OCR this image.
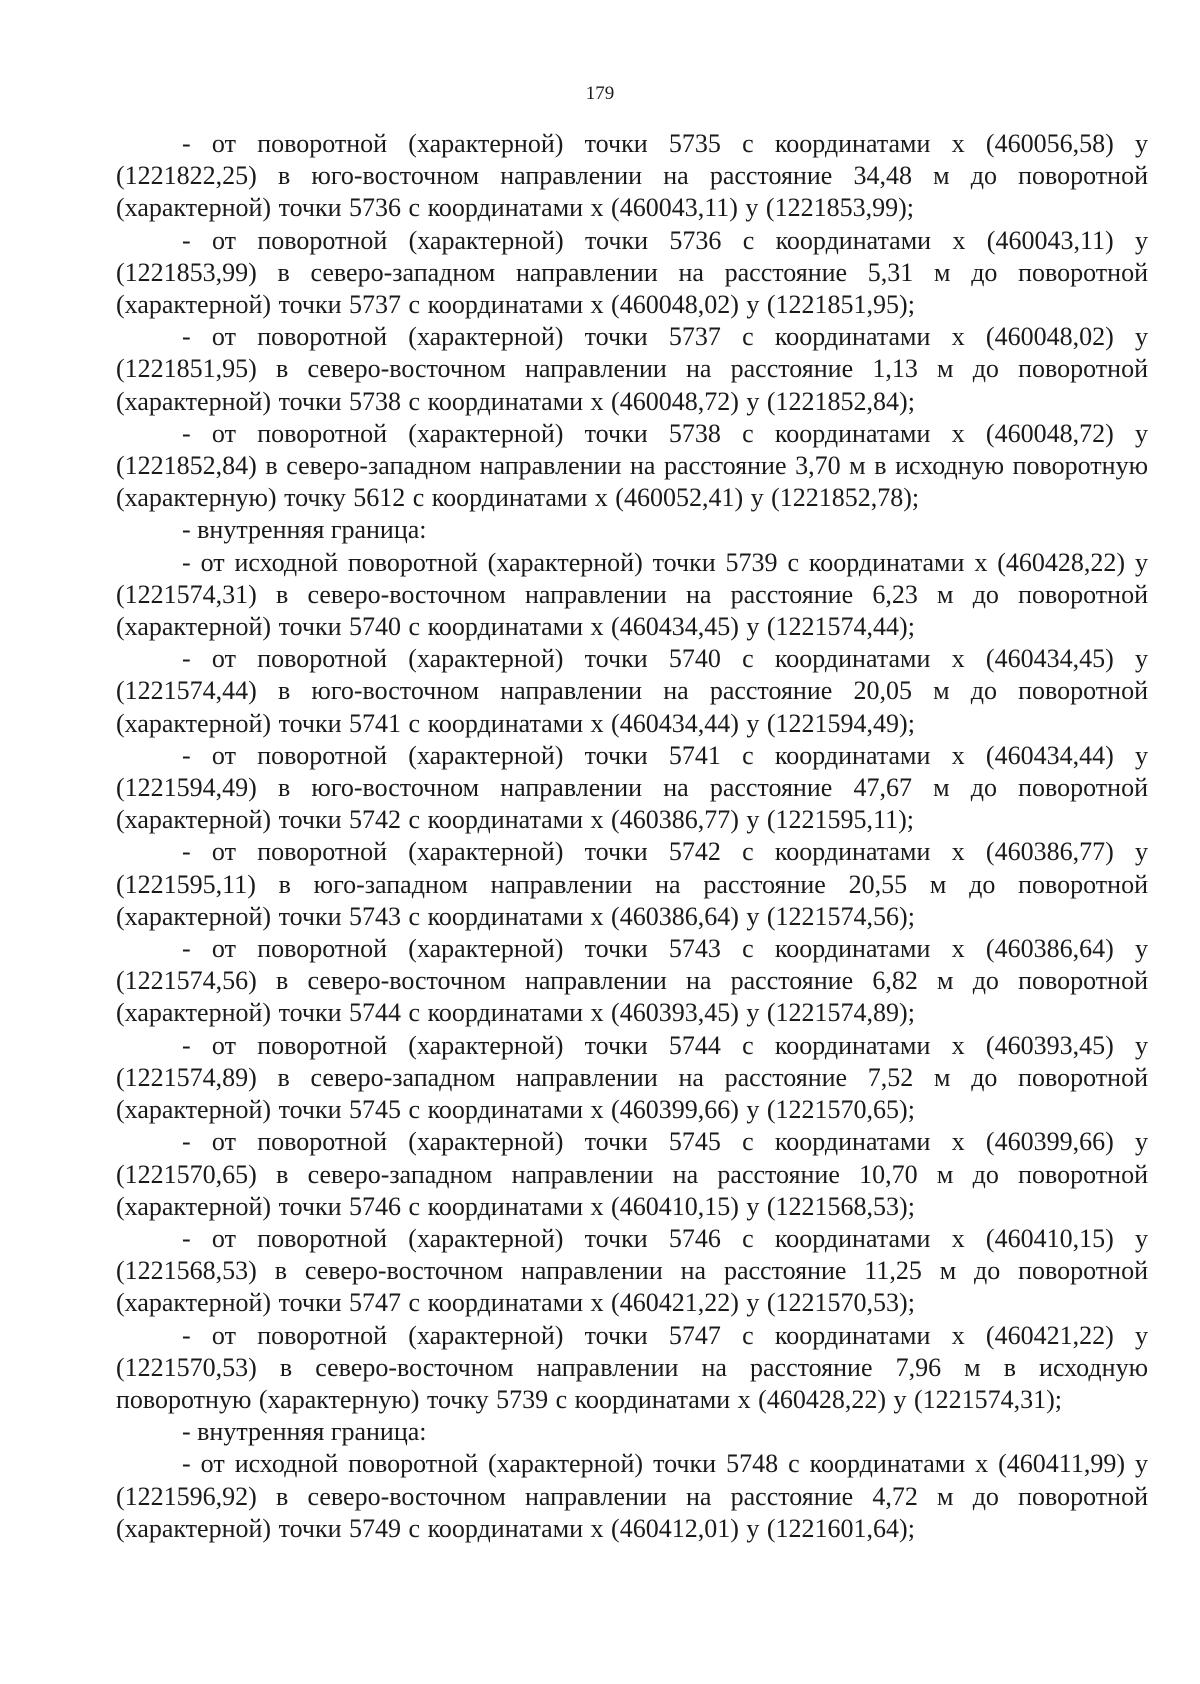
179

- от поворотной (характерной) точки 5735 с координатами х (460056,58) у (1221822,25) в юго-восточном направлении на расстояние 34,48 м до поворотной (характерной) точки 5736 с координатами х (460043,11) у (1221853,99);

- от поворотной (характерной) точки 5736 с координатами х (460043,11) у (1221853,99) в северо-западном направлении на расстояние 5,31 м до поворотной (характерной) точки 5737 с координатами х (460048,02) у (1221851,95);

- от поворотной (характерной) точки 5737 с координатами х (460048,02) у (1221851,95) в северо-восточном направлении на расстояние 1,13 м до поворотной (характерной) точки 5738 с координатами х (460048,72) у (1221852,84);

- от поворотной (характерной) точки 5738 с координатами х (460048,72) у (1221852,84) в северо-западном направлении на расстояние 3,70 м в исходную поворотную (характерную) точку 5612 с координатами х (460052,41) у (1221852,78);

- внутренняя граница:

- от исходной поворотной (характерной) точки 5739 с координатами х (460428,22) у (1221574,31) в северо-восточном направлении на расстояние 6,23 м до поворотной (характерной) точки 5740 с координатами х (460434,45) у (1221574,44);

- от поворотной (характерной) точки 5740 с координатами х (460434,45) у (1221574,44) в юго-восточном направлении на расстояние 20,05 м до поворотной (характерной) точки 5741 с координатами х (460434,44) у (1221594,49);

- от поворотной (характерной) точки 5741 с координатами х (460434,44) у (1221594,49) в юго-восточном направлении на расстояние 47,67 м до поворотной (характерной) точки 5742 с координатами х (460386,77) у (1221595,11);

- от поворотной (характерной) точки 5742 с координатами х (460386,77) у (1221595,11) в юго-западном направлении на расстояние 20,55 м до поворотной (характерной) точки 5743 с координатами х (460386,64) у (1221574,56);

- от поворотной (характерной) точки 5743 с координатами х (460386,64) у (1221574,56) в северо-восточном направлении на расстояние 6,82 м до поворотной (характерной) точки 5744 с координатами х (460393,45) у (1221574,89);

- от поворотной (характерной) точки 5744 с координатами х (460393,45) у (1221574,89) в северо-западном направлении на расстояние 7,52 м до поворотной (характерной) точки 5745 с координатами х (460399,66) у (1221570,65);

- от поворотной (характерной) точки 5745 с координатами х (460399,66) у (1221570,65) в северо-западном направлении на расстояние 10,70 м до поворотной (характерной) точки 5746 с координатами х (460410,15) у (1221568,53);

- от поворотной (характерной) точки 5746 с координатами х (460410,15) у (1221568,53) в северо-восточном направлении на расстояние 11,25 м до поворотной (характерной) точки 5747 с координатами х (460421,22) у (1221570,53);

- от поворотной (характерной) точки 5747 с координатами х (460421,22) у (1221570,53) в северо-восточном направлении на расстояние 7,96 м в исходную поворотную (характерную) точку 5739 с координатами х (460428,22) у (1221574,31);

- внутренняя граница:

- от исходной поворотной (характерной) точки 5748 с координатами х (460411,99) у (1221596,92) в северо-восточном направлении на расстояние 4,72 м до поворотной (характерной) точки 5749 с координатами х (460412,01) у (1221601,64);
